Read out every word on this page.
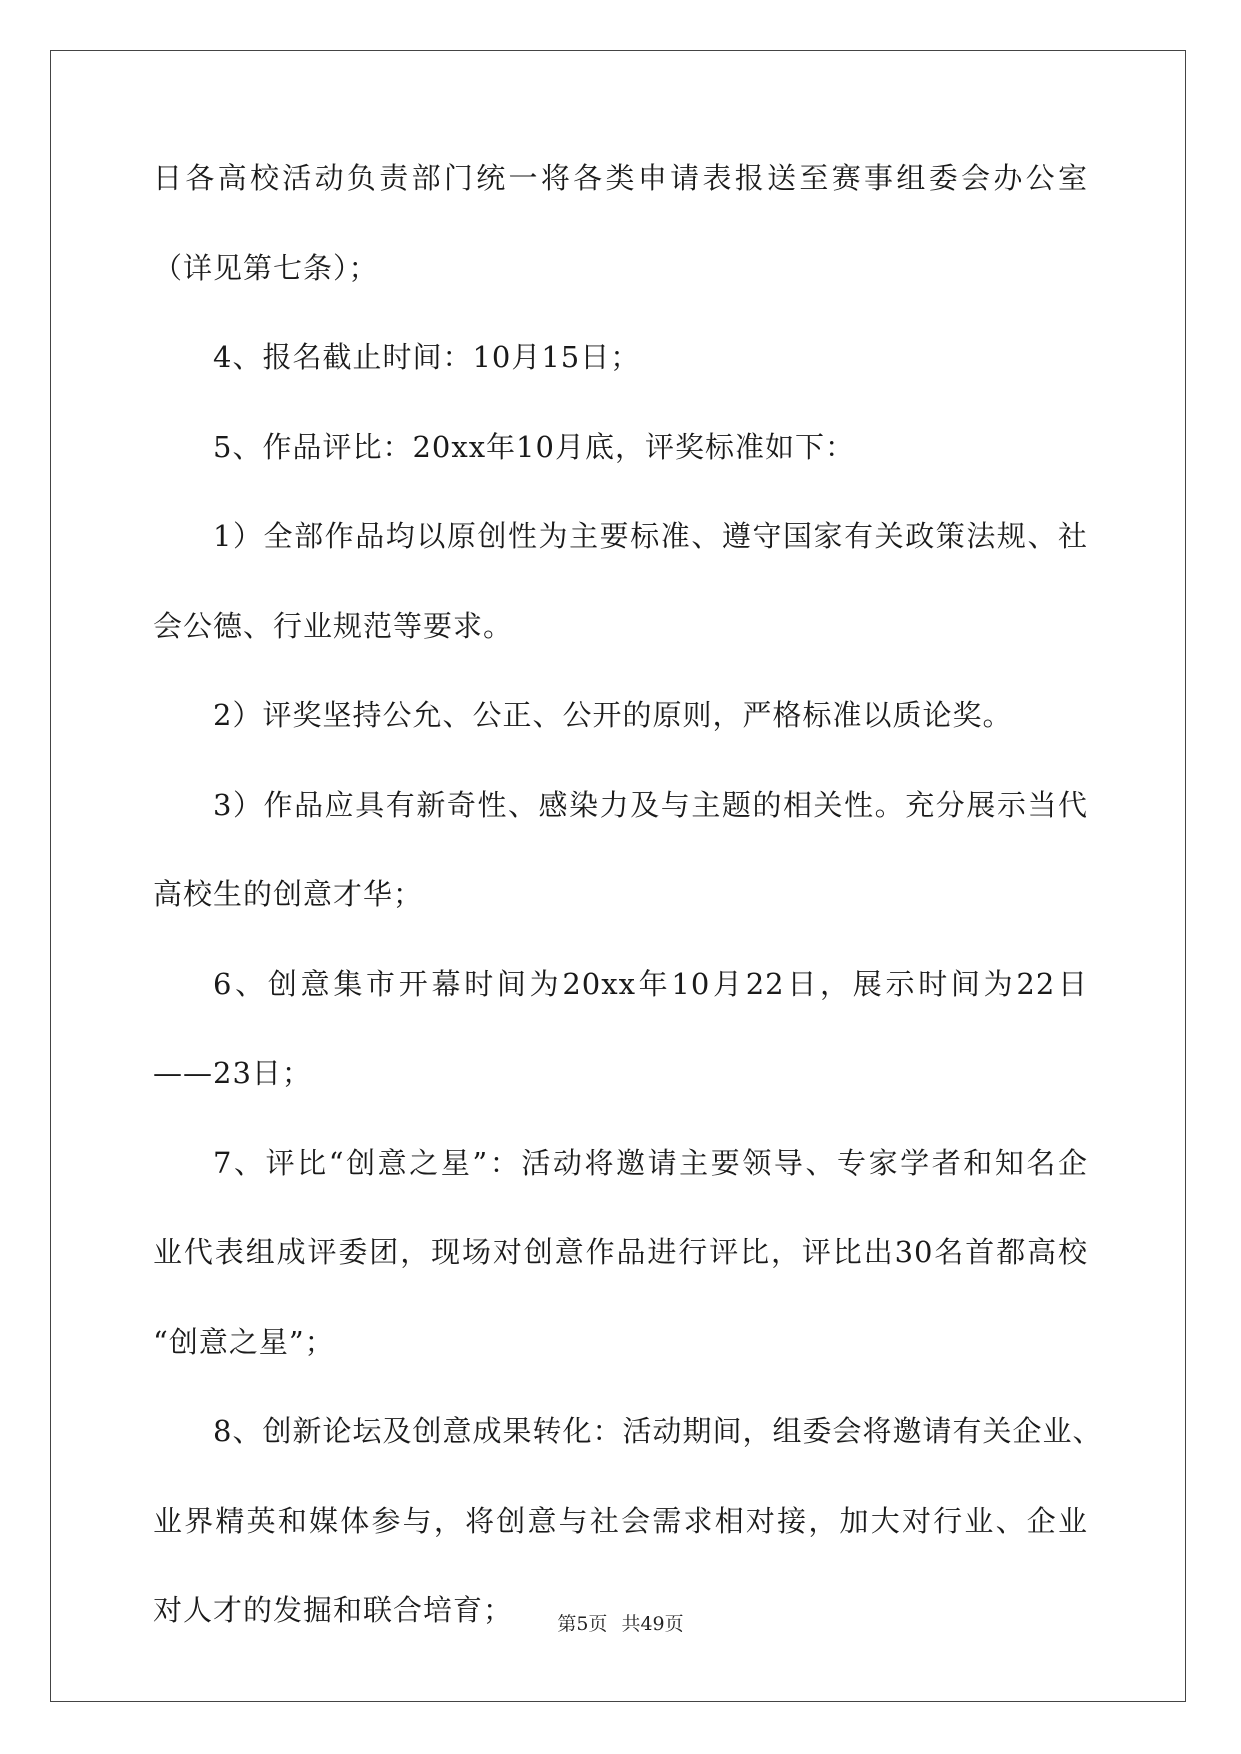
日各高校活动负责部门统一将各类申请表报送至赛事组委会办公室
（详见第七条）；
4、报名截止时间：10月15日；
5、作品评比：20xx年10月底，评奖标准如下：
1）全部作品均以原创性为主要标准、遵守国家有关政策法规、社
会公德、行业规范等要求。
2）评奖坚持公允、公正、公开的原则，严格标准以质论奖。
3）作品应具有新奇性、感染力及与主题的相关性。充分展示当代
高校生的创意才华；
6、创意集市开幕时间为20xx年10月22日，展示时间为22日
——23日；
7、评比“创意之星”：活动将邀请主要领导、专家学者和知名企
业代表组成评委团，现场对创意作品进行评比，评比出30名首都高校
“创意之星”；
8、创新论坛及创意成果转化：活动期间，组委会将邀请有关企业、
业界精英和媒体参与，将创意与社会需求相对接，加大对行业、企业
对人才的发掘和联合培育；	第5页 共49页
